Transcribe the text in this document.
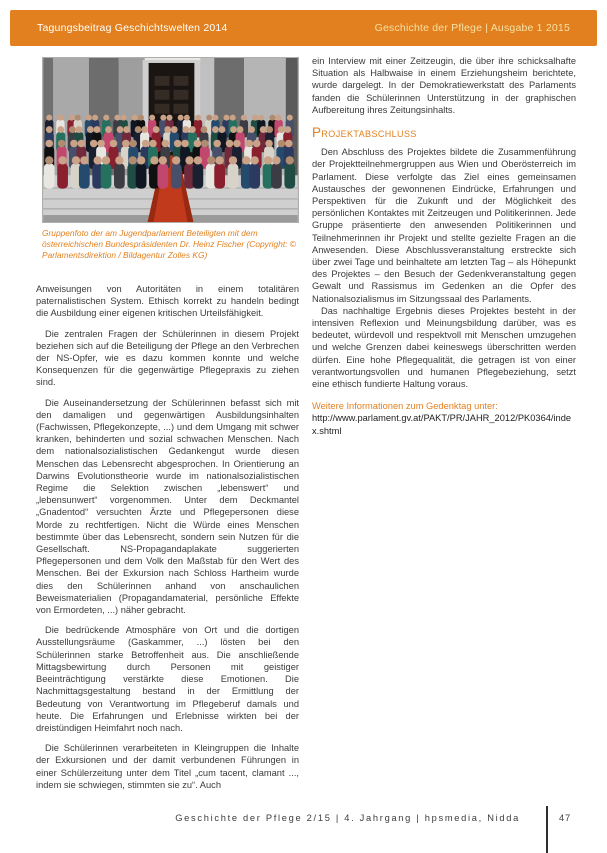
Tagungsbeitrag Geschichtswelten 2014	Geschichte der Pflege | Ausgabe 1 2015
Gruppenfoto der am Jugendparlament Beteiligten mit dem österreichischen Bundespräsidenten Dr. Heinz Fischer (Copyright: © Parlamentsdirektion / Bildagentur Zolles KG)

Anweisungen von Autoritäten in einem totalitären paternalistischen System. Ethisch korrekt zu handeln bedingt die Ausbildung einer eigenen kritischen Urteilsfähigkeit.

Die zentralen Fragen der Schülerinnen in diesem Projekt beziehen sich auf die Beteiligung der Pflege an den Verbrechen der NS-Opfer, wie es dazu kommen konnte und welche Konsequenzen für die gegenwärtige Pflegepraxis zu ziehen sind.

Die Auseinandersetzung der Schülerinnen befasst sich mit den damaligen und gegenwärtigen Ausbildungsinhalten (Fachwissen, Pflegekonzepte, ...) und dem Umgang mit schwer kranken, behinderten und sozial schwachen Menschen. Nach dem nationalsozialistischen Gedankengut wurde diesen Menschen das Lebensrecht abgesprochen. In Orientierung an Darwins Evolutionstheorie wurde im nationalsozialistischen Regime die Selektion zwischen „lebenswert“ und „lebensunwert“ vorgenommen. Unter dem Deckmantel „Gnadentod“ versuchten Ärzte und Pflegepersonen diese Morde zu rechtfertigen. Nicht die Würde eines Menschen bestimmte über das Lebensrecht, sondern sein Nutzen für die Gesellschaft. NS-Propagandaplakate suggerierten Pflegepersonen und dem Volk den Maßstab für den Wert des Menschen. Bei der Exkursion nach Schloss Hartheim wurde dies den Schülerinnen anhand von anschaulichen Beweismaterialien (Propagandamaterial, persönliche Effekte von Ermordeten, ...) näher gebracht.

Die bedrückende Atmosphäre von Ort und die dortigen Ausstellungsräume (Gaskammer, ...) lösten bei den Schülerinnen starke Betroffenheit aus. Die anschließende Mittagsbewirtung durch Personen mit geistiger Beeinträchtigung verstärkte diese Emotionen. Die Nachmittagsgestaltung bestand in der Ermittlung der Bedeutung von Verantwortung im Pflegeberuf damals und heute. Die Erfahrungen und Erlebnisse wirkten bei der dreistündigen Heimfahrt noch nach.

Die Schülerinnen verarbeiteten in Kleingruppen die Inhalte der Exkursionen und der damit verbundenen Führungen in einer Schülerzeitung unter dem Titel „cum tacent, clamant ..., indem sie schwiegen, stimmten sie zu“. Auch

ein Interview mit einer Zeitzeugin, die über ihre schicksalhafte Situation als Halbwaise in einem Erziehungsheim berichtete, wurde dargelegt. In der Demokratiewerkstatt des Parlaments fanden die Schülerinnen Unterstützung in der graphischen Aufbereitung ihres Zeitungsinhalts.

Projektabschluss

Den Abschluss des Projektes bildete die Zusammenführung der Projektteilnehmergruppen aus Wien und Oberösterreich im Parlament. Diese verfolgte das Ziel eines gemeinsamen Austausches der gewonnenen Eindrücke, Erfahrungen und Perspektiven für die Zukunft und der Möglichkeit des persönlichen Kontaktes mit Zeitzeugen und Politikerinnen. Jede Gruppe präsentierte den anwesenden Politikerinnen und Teilnehmerinnen ihr Projekt und stellte gezielte Fragen an die Anwesenden. Diese Abschlussveranstaltung erstreckte sich über zwei Tage und beinhaltete am letzten Tag – als Höhepunkt des Projektes – den Besuch der Gedenkveranstaltung gegen Gewalt und Rassismus im Gedenken an die Opfer des Nationalsozialismus im Sitzungssaal des Parlaments.

Das nachhaltige Ergebnis dieses Projektes besteht in der intensiven Reflexion und Meinungsbildung darüber, was es bedeutet, würdevoll und respektvoll mit Menschen umzugehen und welche Grenzen dabei keineswegs überschritten werden dürfen. Eine hohe Pflegequalität, die getragen ist von einer verantwortungsvollen und humanen Pflegebeziehung, setzt eine ethisch fundierte Haltung voraus.

Weitere Informationen zum Gedenktag unter:
http://www.parlament.gv.at/PAKT/PR/JAHR_2012/PK0364/index.shtml
Geschichte der Pflege 2/15 | 4. Jahrgang | hpsmedia, Nidda	47
